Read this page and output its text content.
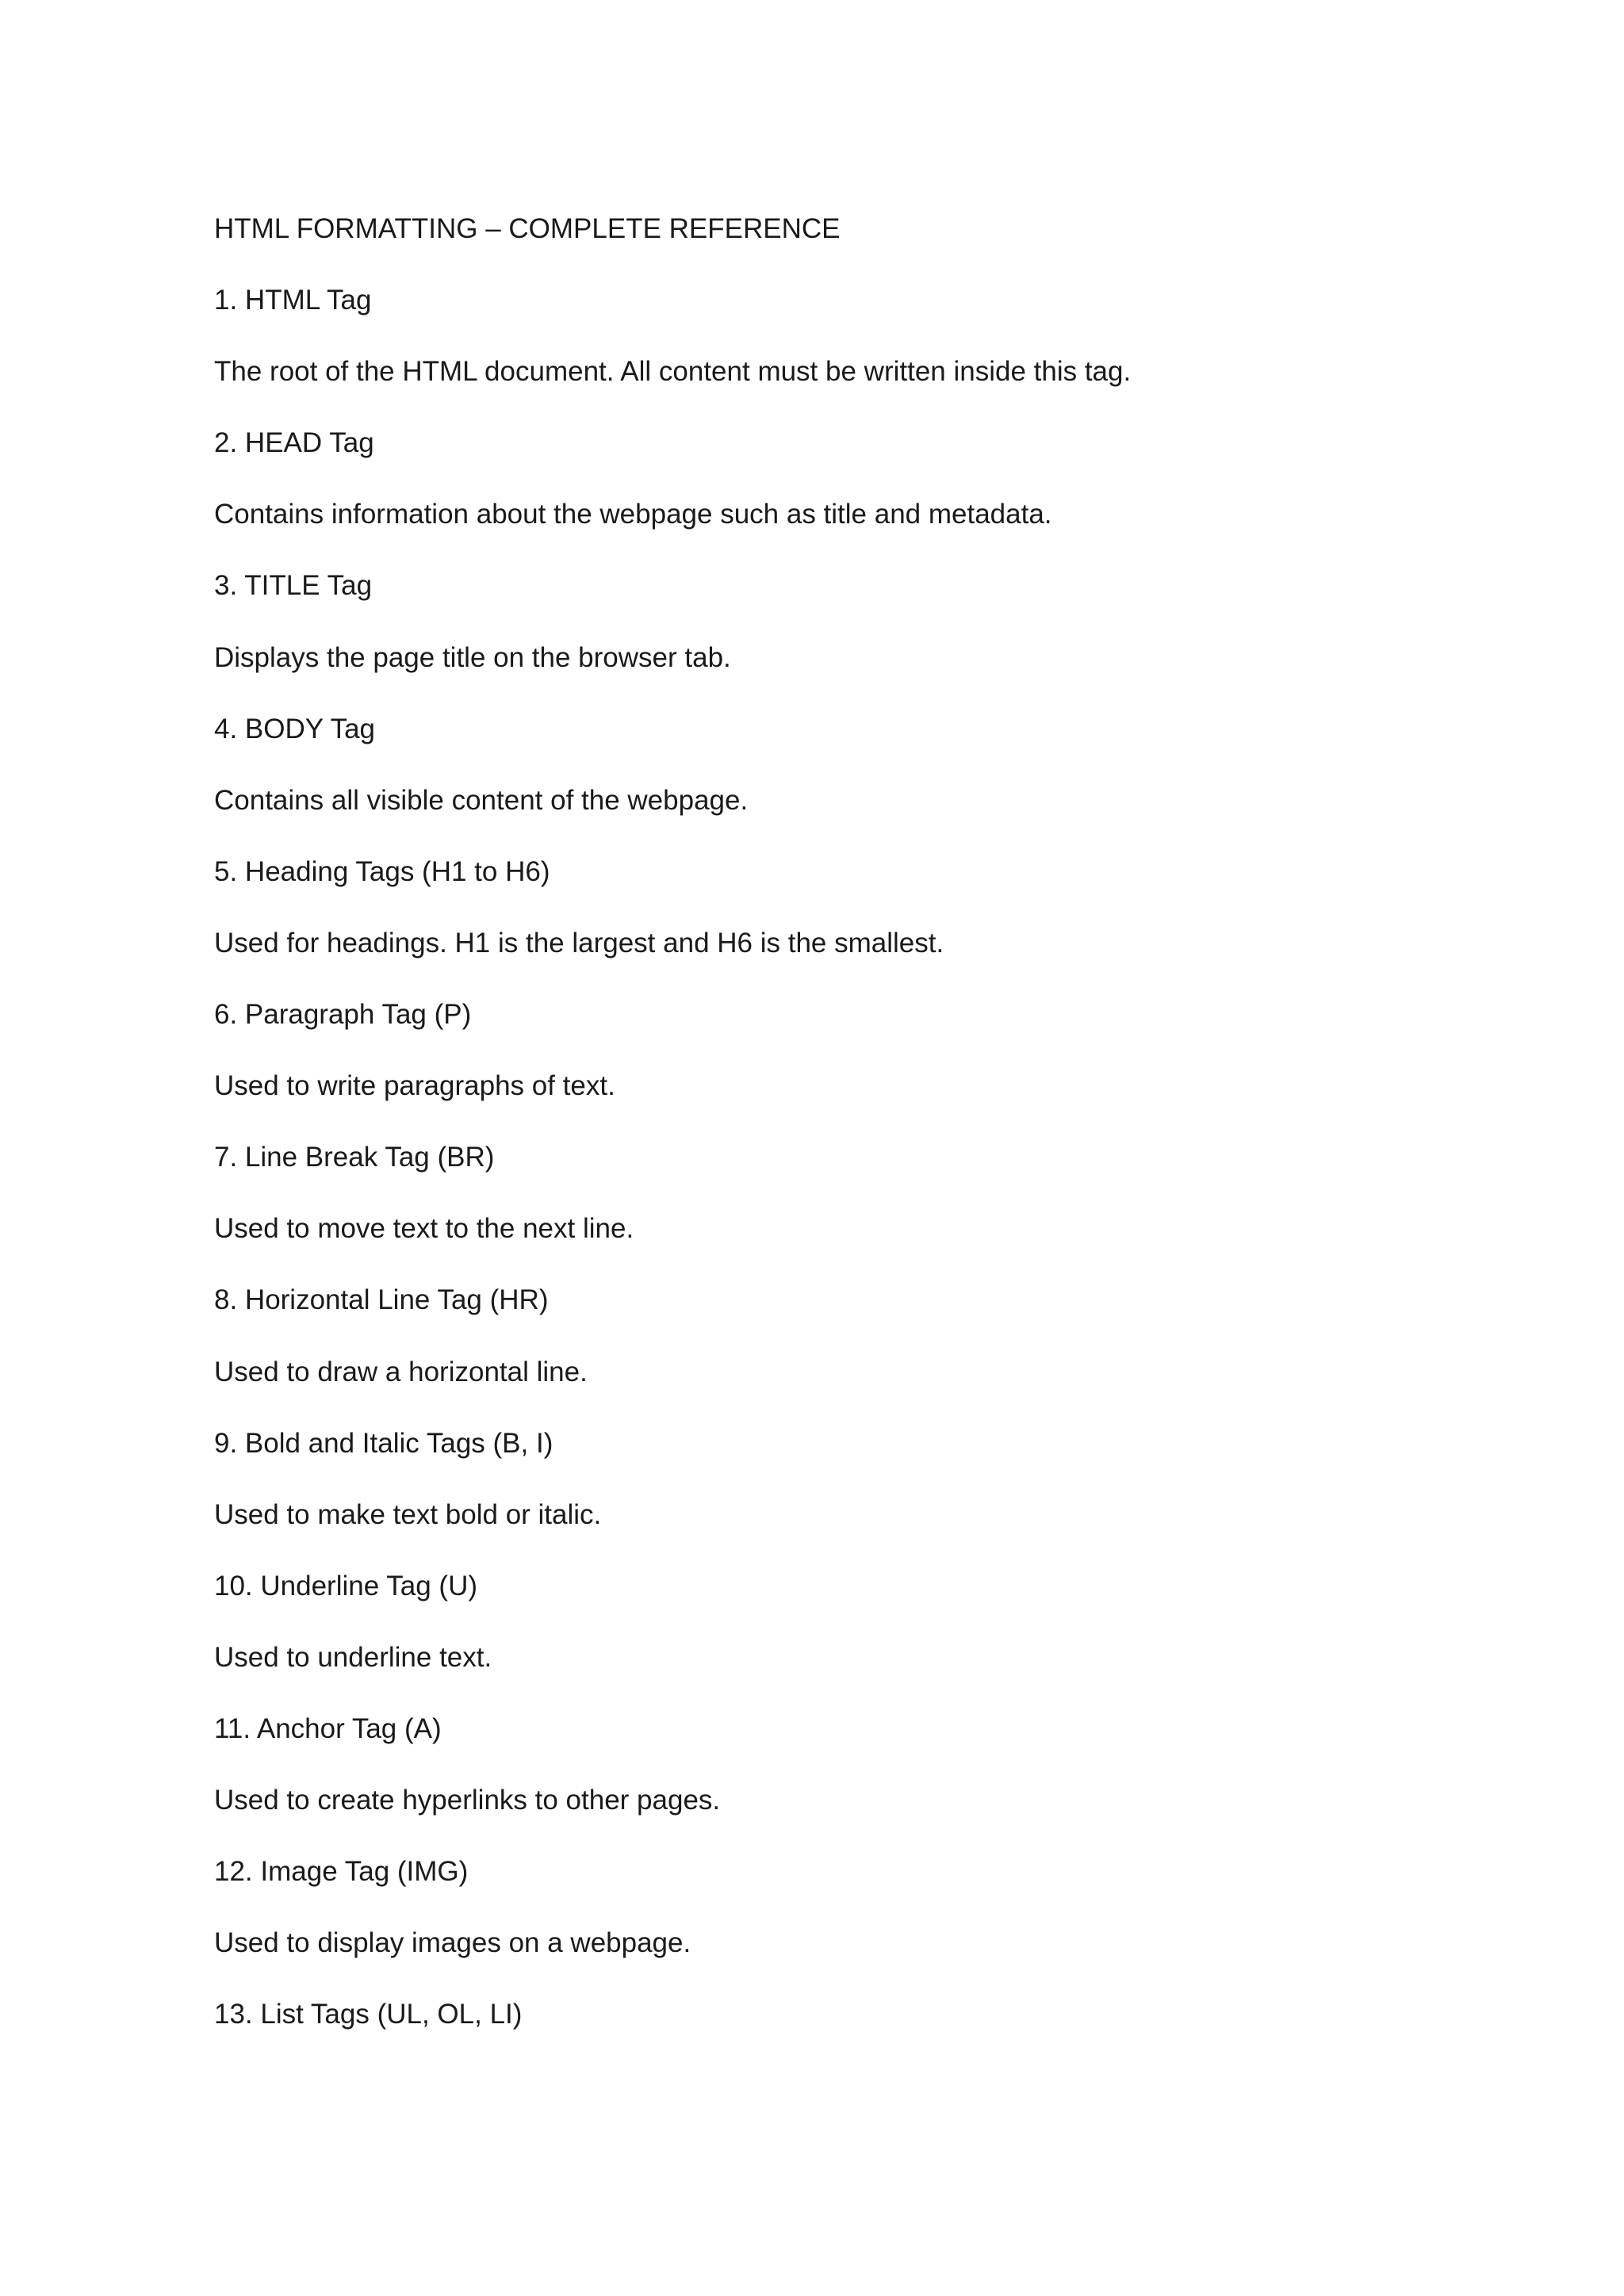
HTML FORMATTING – COMPLETE REFERENCE

1. HTML Tag

The root of the HTML document. All content must be written inside this tag.

2. HEAD Tag

Contains information about the webpage such as title and metadata.

3. TITLE Tag

Displays the page title on the browser tab.

4. BODY Tag

Contains all visible content of the webpage.

5. Heading Tags (H1 to H6)

Used for headings. H1 is the largest and H6 is the smallest.

6. Paragraph Tag (P)

Used to write paragraphs of text.

7. Line Break Tag (BR)

Used to move text to the next line.

8. Horizontal Line Tag (HR)

Used to draw a horizontal line.

9. Bold and Italic Tags (B, I)

Used to make text bold or italic.

10. Underline Tag (U)

Used to underline text.

11. Anchor Tag (A)

Used to create hyperlinks to other pages.

12. Image Tag (IMG)

Used to display images on a webpage.

13. List Tags (UL, OL, LI)
